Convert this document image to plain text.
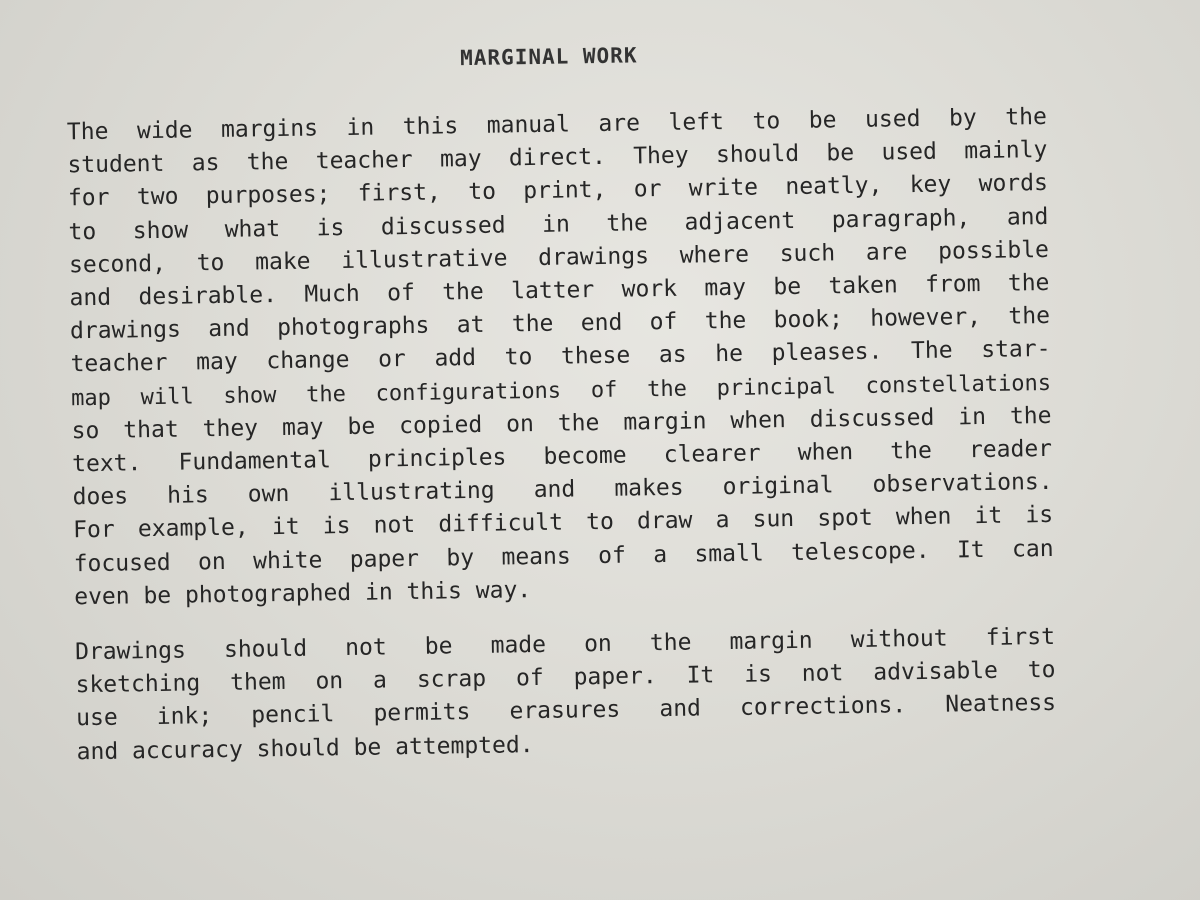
MARGINAL WORK
The wide margins in this manual are left to be used by the
student as the teacher may direct. They should be used mainly
for two purposes; first, to print, or write neatly, key words
to show what is discussed in the adjacent paragraph, and
second, to make illustrative drawings where such are possible
and desirable. Much of the latter work may be taken from the
drawings and photographs at the end of the book; however, the
teacher may change or add to these as he pleases. The star-
map will show the configurations of the principal constellations
so that they may be copied on the margin when discussed in the
text. Fundamental principles become clearer when the reader
does his own illustrating and makes original observations.
For example, it is not difficult to draw a sun spot when it is
focused on white paper by means of a small telescope. It can
even be photographed in this way.
Drawings should not be made on the margin without first
sketching them on a scrap of paper. It is not advisable to
use ink; pencil permits erasures and corrections. Neatness
and accuracy should be attempted.
